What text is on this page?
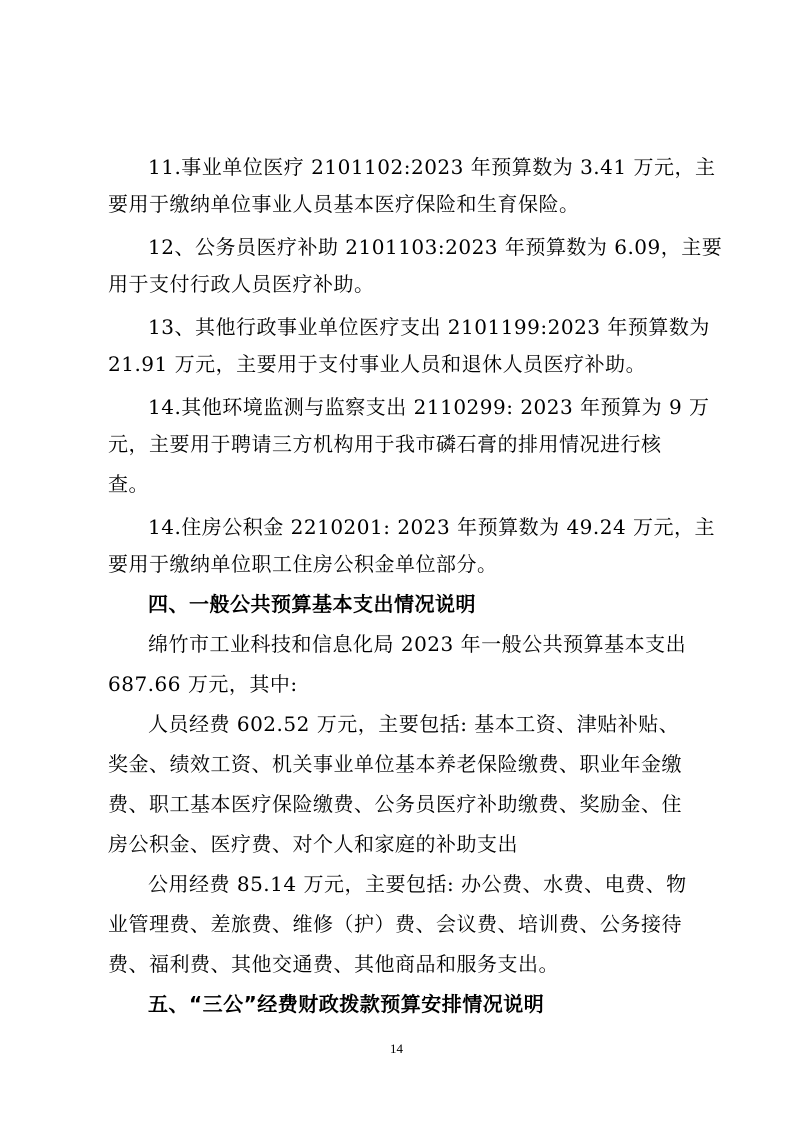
11.事业单位医疗 2101102:2023 年预算数为 3.41 万元，主
要用于缴纳单位事业人员基本医疗保险和生育保险。
12、公务员医疗补助 2101103:2023 年预算数为 6.09，主要
用于支付行政人员医疗补助。
13、其他行政事业单位医疗支出 2101199:2023 年预算数为
21.91 万元，主要用于支付事业人员和退休人员医疗补助。
14.其他环境监测与监察支出 2110299: 2023 年预算为 9 万
元，主要用于聘请三方机构用于我市磷石膏的排用情况进行核
查。
14.住房公积金 2210201: 2023 年预算数为 49.24 万元，主
要用于缴纳单位职工住房公积金单位部分。
四、一般公共预算基本支出情况说明
绵竹市工业科技和信息化局 2023 年一般公共预算基本支出
687.66 万元，其中:
人员经费 602.52 万元，主要包括: 基本工资、津贴补贴、
奖金、绩效工资、机关事业单位基本养老保险缴费、职业年金缴
费、职工基本医疗保险缴费、公务员医疗补助缴费、奖励金、住
房公积金、医疗费、对个人和家庭的补助支出
公用经费 85.14 万元，主要包括: 办公费、水费、电费、物
业管理费、差旅费、维修（护）费、会议费、培训费、公务接待
费、福利费、其他交通费、其他商品和服务支出。
五、“三公”经费财政拨款预算安排情况说明
14
